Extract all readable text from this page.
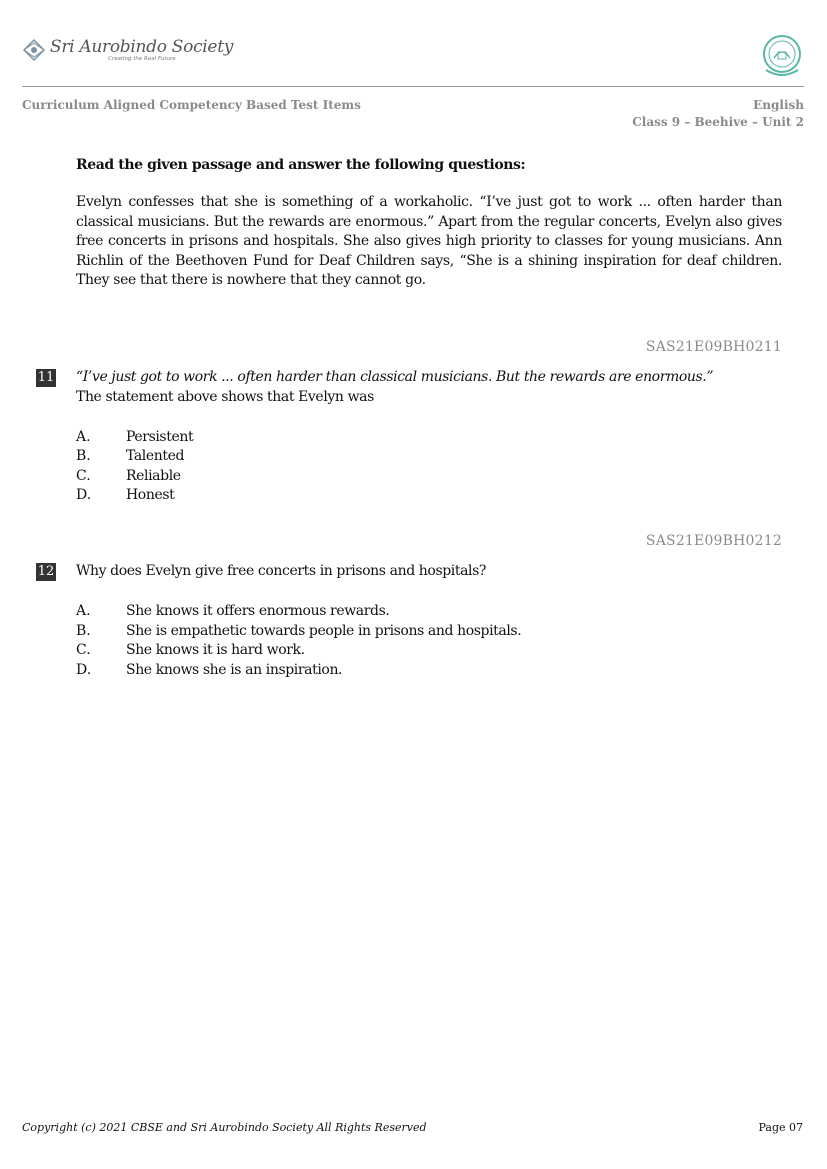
Sri Aurobindo Society
Creating the Real Future
Curriculum Aligned Competency Based Test Items	English
Class 9 – Beehive – Unit 2
Read the given passage and answer the following questions:
Evelyn confesses that she is something of a workaholic. “I’ve just got to work ... often harder than classical musicians. But the rewards are enormous.” Apart from the regular concerts, Evelyn also gives free concerts in prisons and hospitals. She also gives high priority to classes for young musicians. Ann Richlin of the Beethoven Fund for Deaf Children says, “She is a shining inspiration for deaf children. They see that there is nowhere that they cannot go.
SAS21E09BH0211
11 “I’ve just got to work ... often harder than classical musicians. But the rewards are enormous.”
The statement above shows that Evelyn was
A.	Persistent
B.	Talented
C.	Reliable
D. Honest
SAS21E09BH0212
12 Why does Evelyn give free concerts in prisons and hospitals?
A.	She knows it offers enormous rewards.
B.	She is empathetic towards people in prisons and hospitals.
C.	She knows it is hard work.
D. She knows she is an inspiration.
Copyright (c) 2021 CBSE and Sri Aurobindo Society All Rights Reserved	Page 07
